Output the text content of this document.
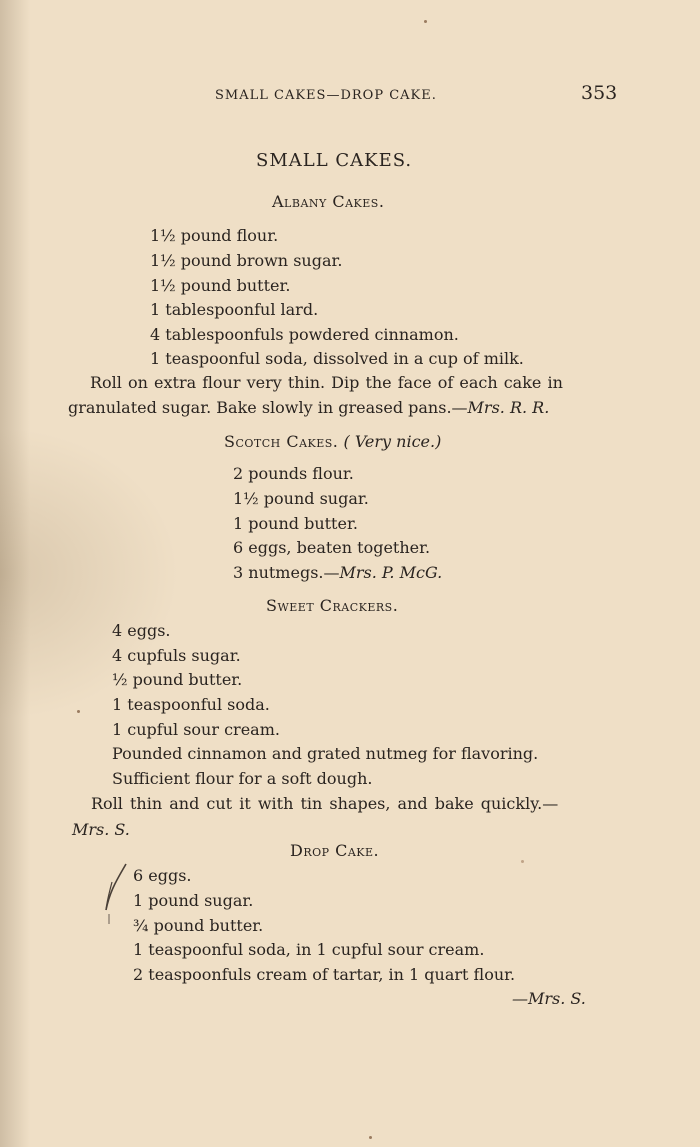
SMALL CAKES—DROP CAKE.	353
SMALL CAKES.
Albany Cakes.
1½ pound flour.
1½ pound brown sugar.
1½ pound butter.
1 tablespoonful lard.
4 tablespoonfuls powdered cinnamon.
1 teaspoonful soda, dissolved in a cup of milk.
Roll on extra flour very thin. Dip the face of each cake in
granulated sugar. Bake slowly in greased pans.—Mrs. R. R.
Scotch Cakes. ( Very nice.)
2 pounds flour.
1½ pound sugar.
1 pound butter.
6 eggs, beaten together.
3 nutmegs.—Mrs. P. McG.
Sweet Crackers.
4 eggs.
4 cupfuls sugar.
½ pound butter.
1 teaspoonful soda.
1 cupful sour cream.
Pounded cinnamon and grated nutmeg for flavoring.
Sufficient flour for a soft dough.
Roll thin and cut it with tin shapes, and bake quickly.—
Mrs. S.
Drop Cake.
6 eggs.
1 pound sugar.
¾ pound butter.
1 teaspoonful soda, in 1 cupful sour cream.
2 teaspoonfuls cream of tartar, in 1 quart flour.
—Mrs. S.
